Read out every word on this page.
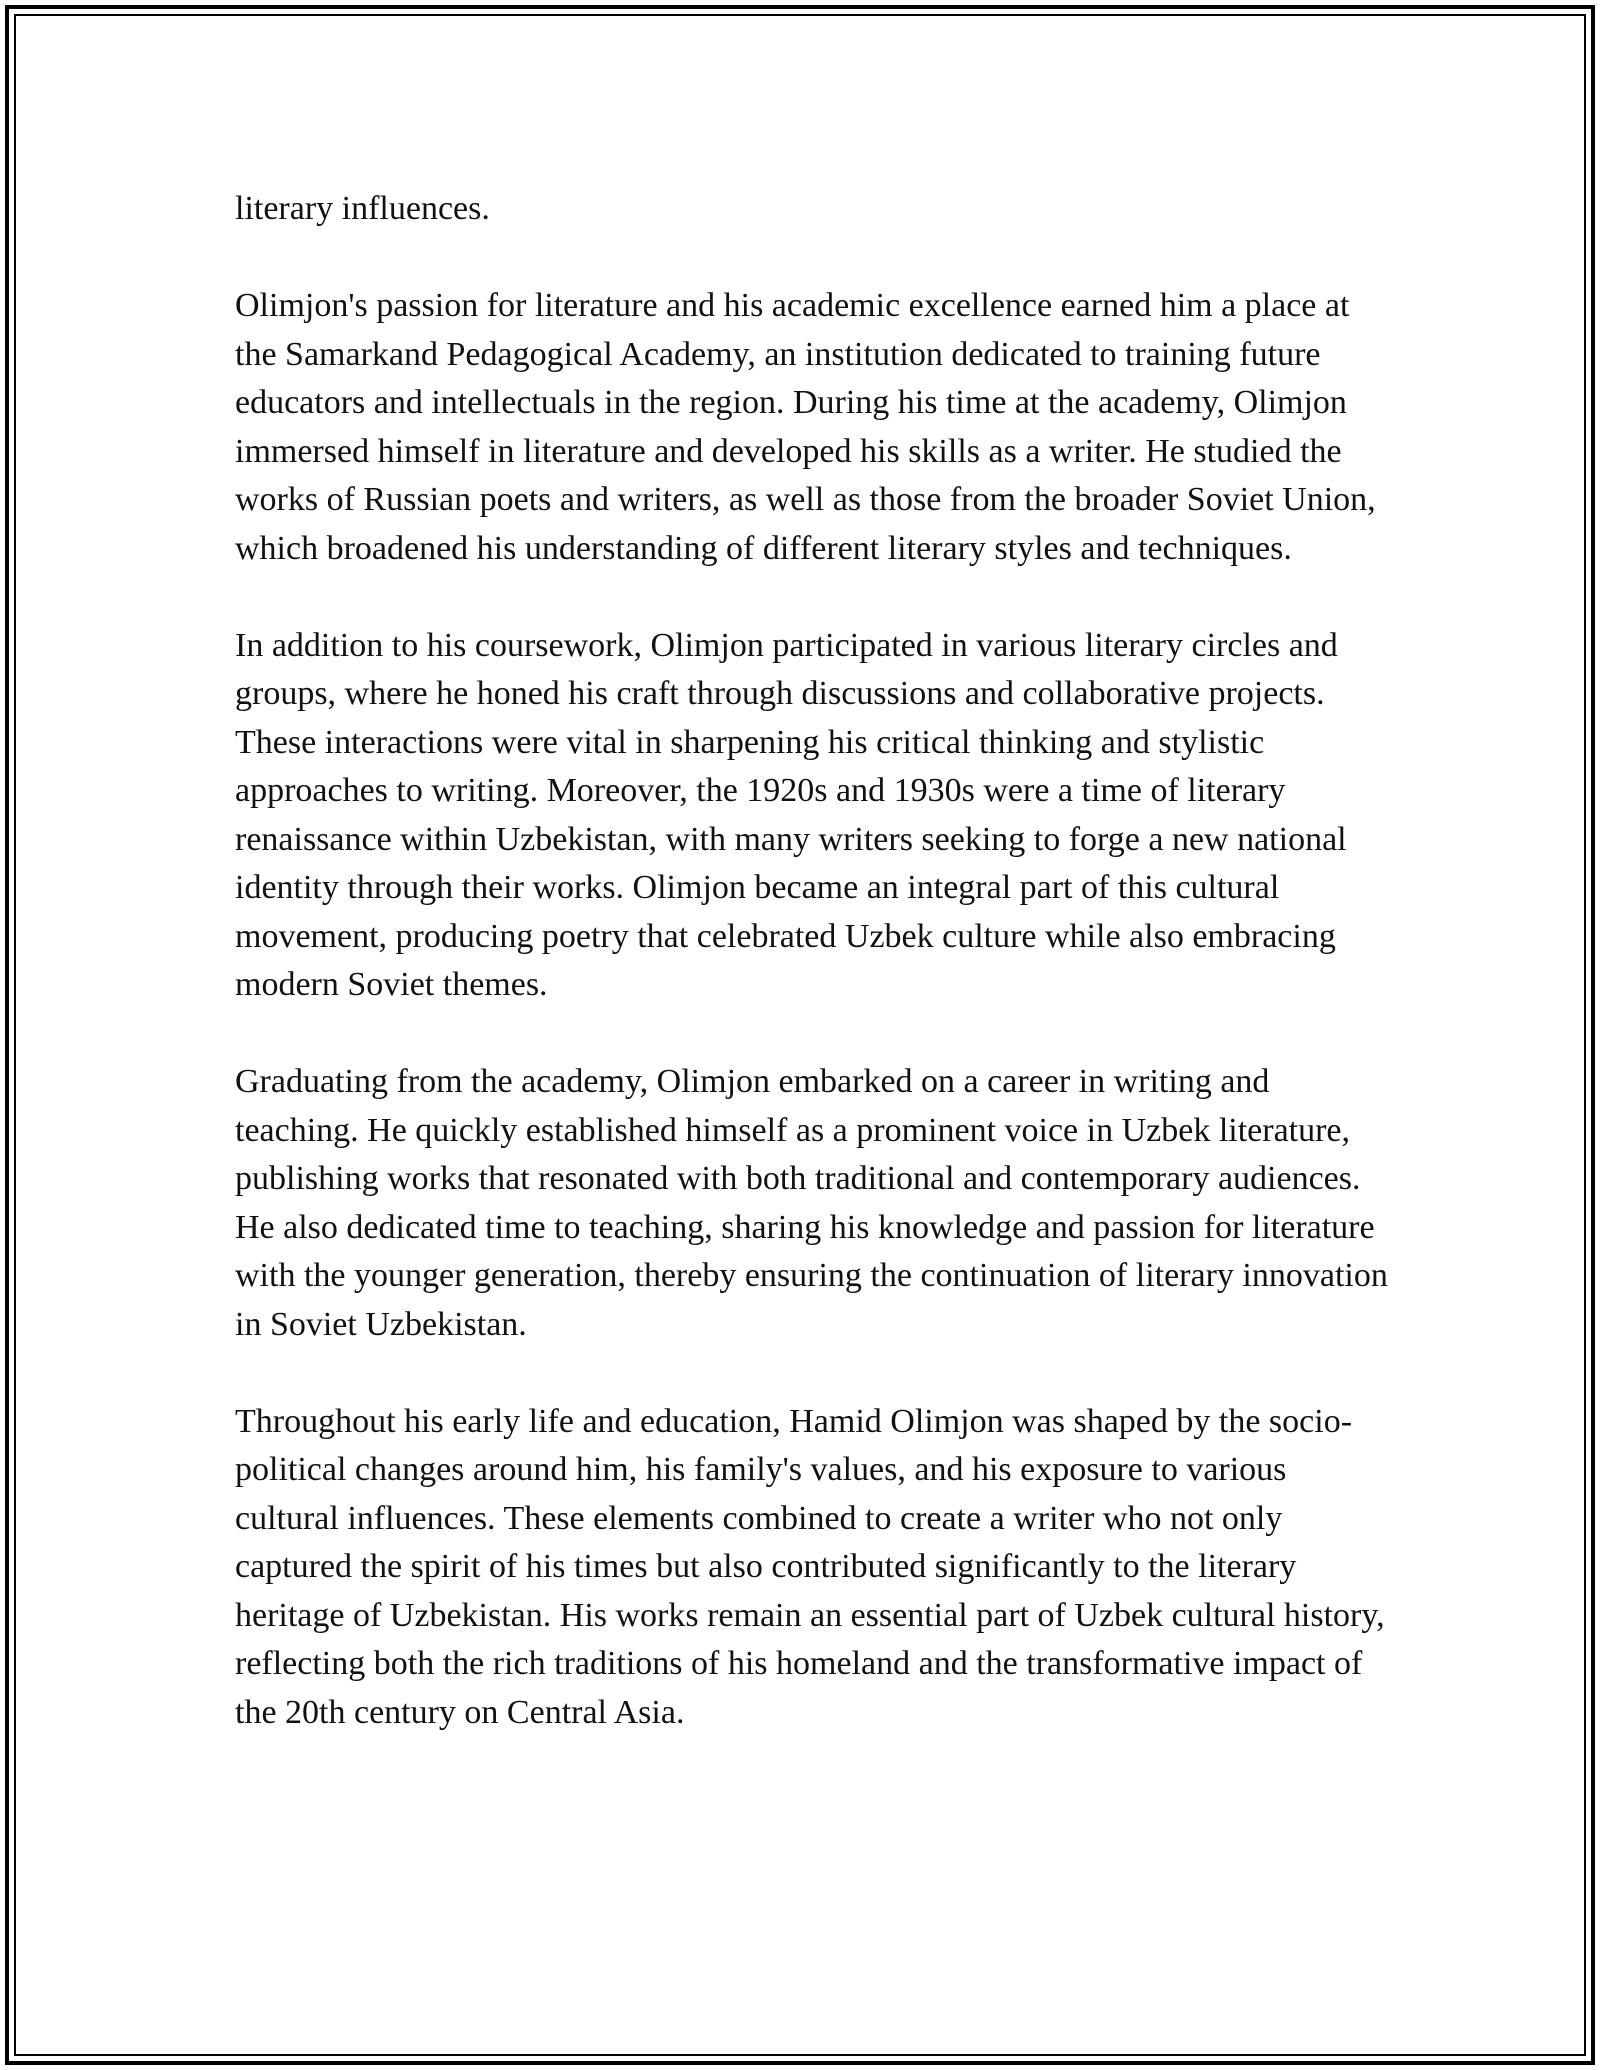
literary influences.

Olimjon's passion for literature and his academic excellence earned him a place at the Samarkand Pedagogical Academy, an institution dedicated to training future educators and intellectuals in the region. During his time at the academy, Olimjon immersed himself in literature and developed his skills as a writer. He studied the works of Russian poets and writers, as well as those from the broader Soviet Union, which broadened his understanding of different literary styles and techniques.

In addition to his coursework, Olimjon participated in various literary circles and groups, where he honed his craft through discussions and collaborative projects. These interactions were vital in sharpening his critical thinking and stylistic approaches to writing. Moreover, the 1920s and 1930s were a time of literary renaissance within Uzbekistan, with many writers seeking to forge a new national identity through their works. Olimjon became an integral part of this cultural movement, producing poetry that celebrated Uzbek culture while also embracing modern Soviet themes.

Graduating from the academy, Olimjon embarked on a career in writing and teaching. He quickly established himself as a prominent voice in Uzbek literature, publishing works that resonated with both traditional and contemporary audiences. He also dedicated time to teaching, sharing his knowledge and passion for literature with the younger generation, thereby ensuring the continuation of literary innovation in Soviet Uzbekistan.

Throughout his early life and education, Hamid Olimjon was shaped by the socio-political changes around him, his family's values, and his exposure to various cultural influences. These elements combined to create a writer who not only captured the spirit of his times but also contributed significantly to the literary heritage of Uzbekistan. His works remain an essential part of Uzbek cultural history, reflecting both the rich traditions of his homeland and the transformative impact of the 20th century on Central Asia.
